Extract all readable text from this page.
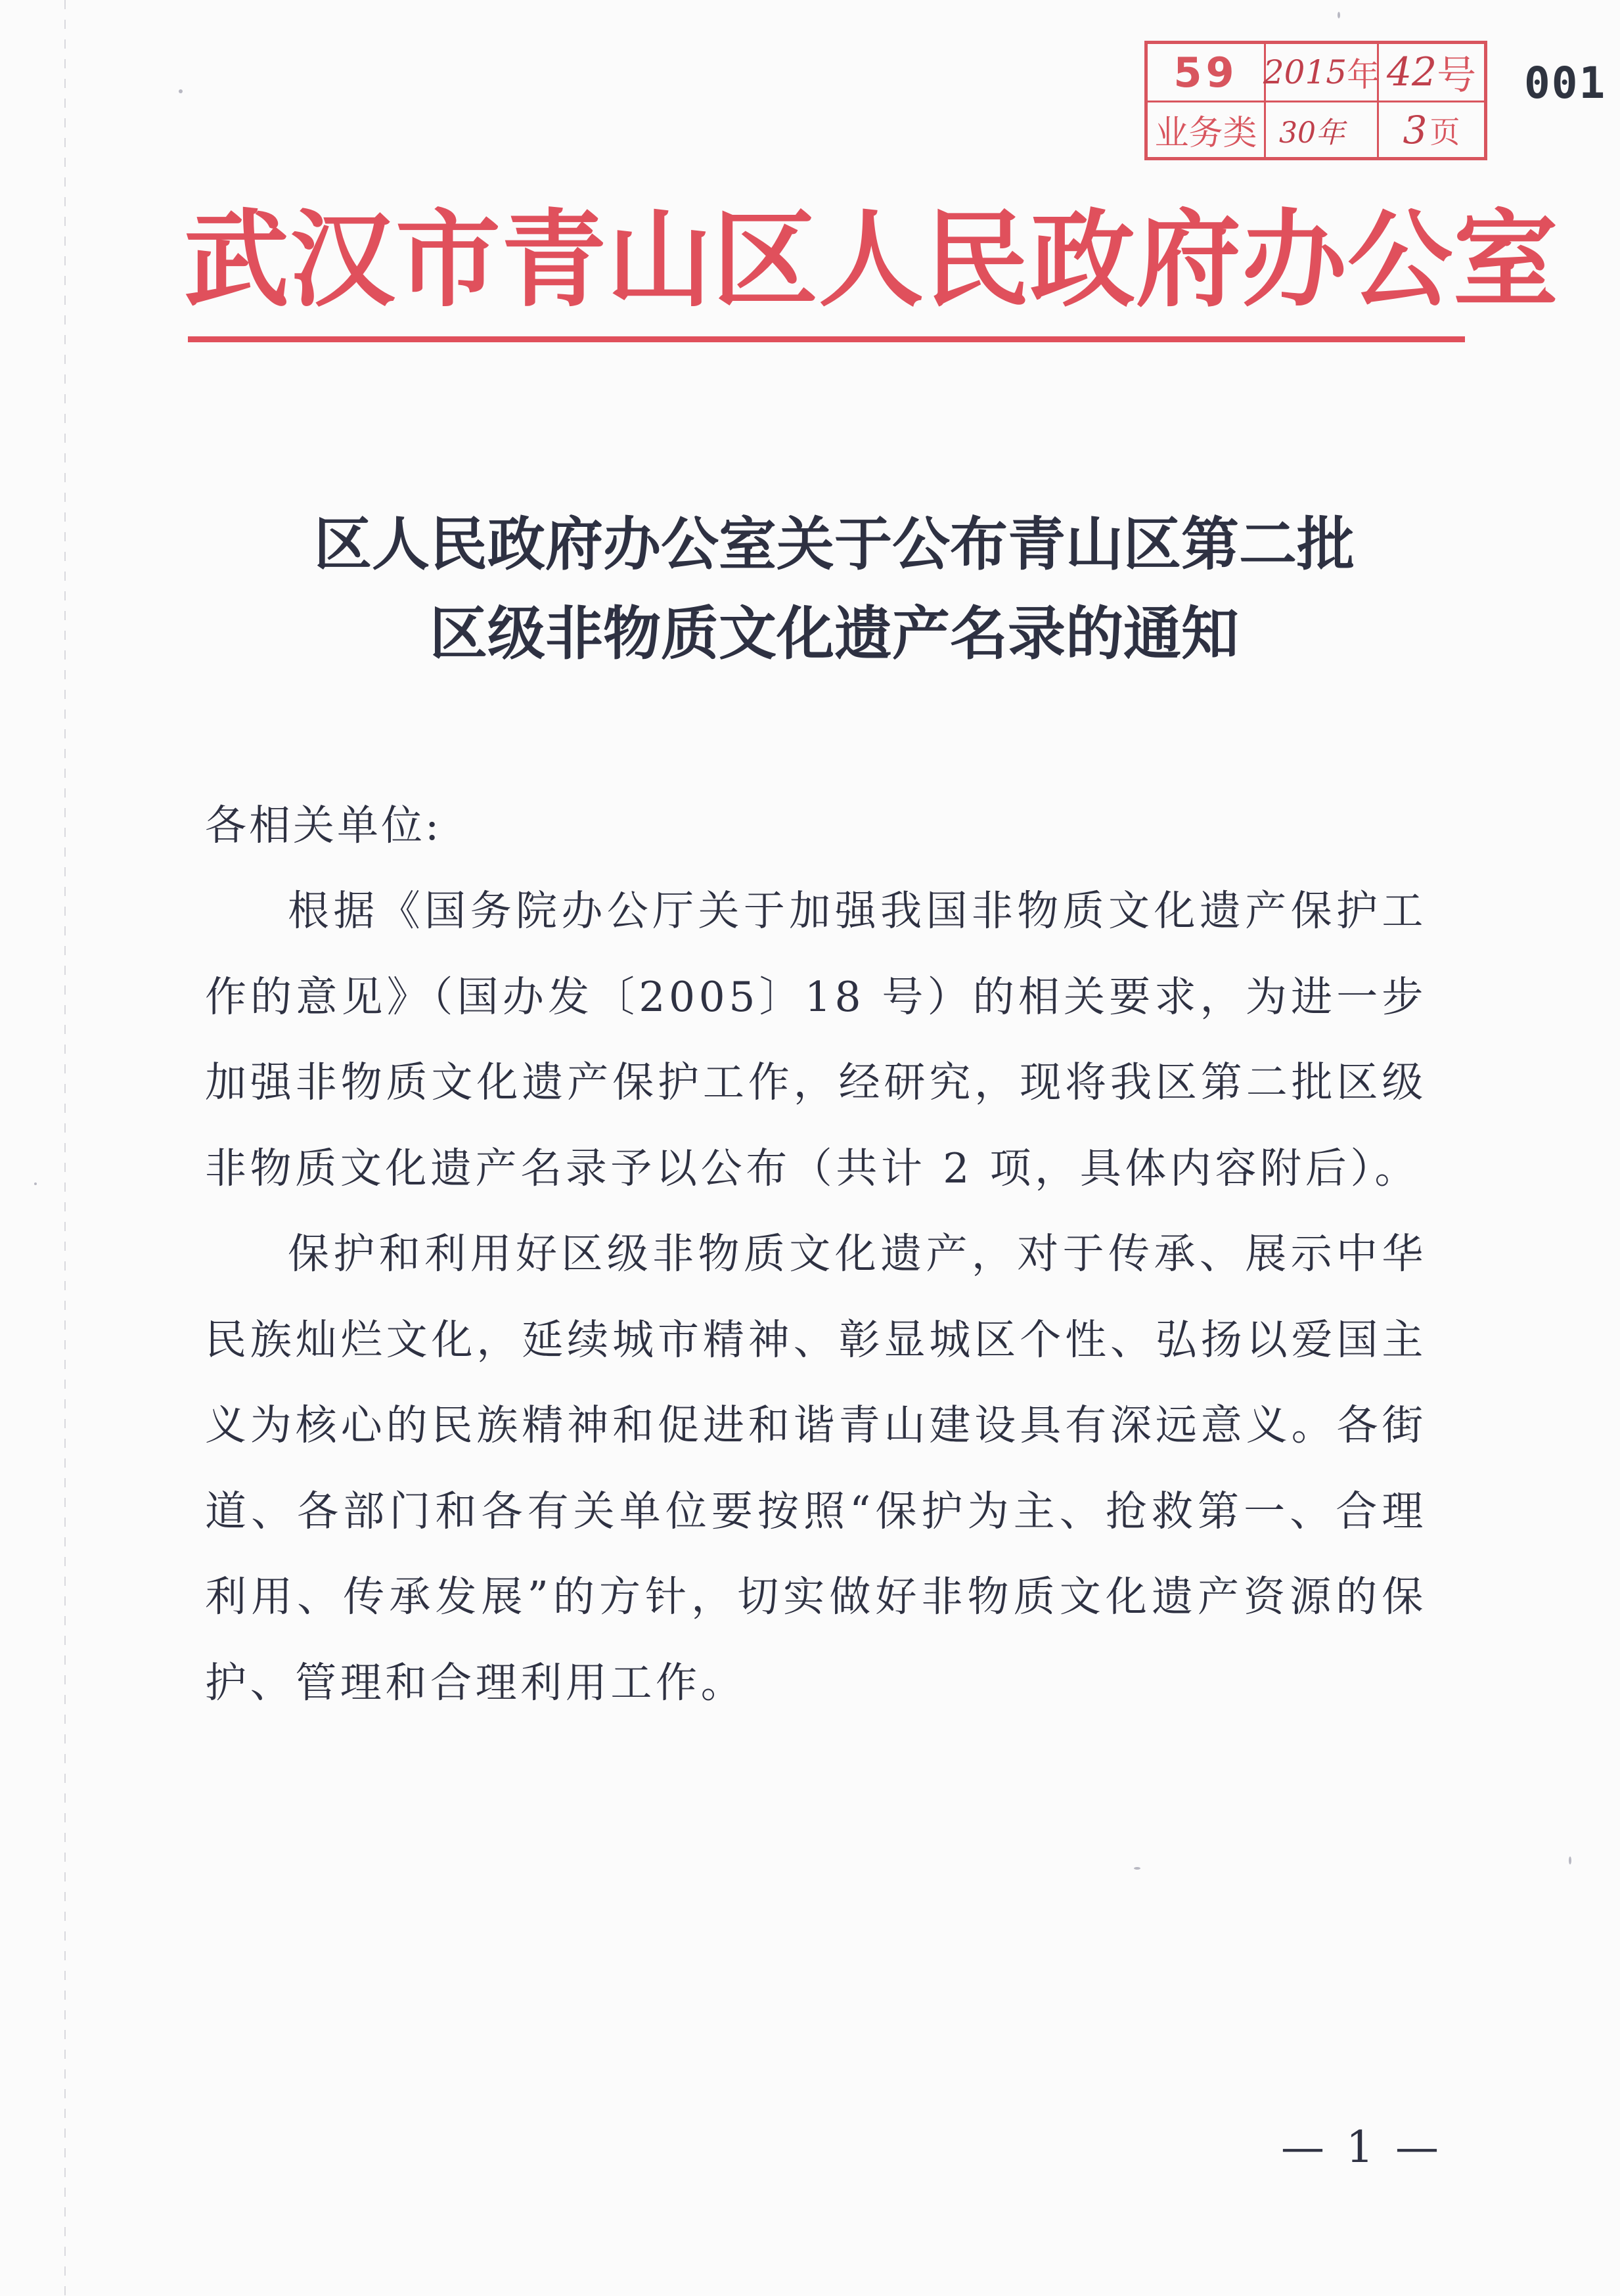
59 2015 年 42 号
业务类 30年	3 页
001
武汉市青山区人民政府办公室
区人民政府办公室关于公布青山区第二批
区级非物质文化遗产名录的通知
各相关单位:

根据《国务院办公厅关于加强我国非物质文化遗产保护工作的意见》（国办发〔2005〕18 号）的相关要求，为进一步加强非物质文化遗产保护工作，经研究，现将我区第二批区级非物质文化遗产名录予以公布（共计 2 项，具体内容附后）。

保护和利用好区级非物质文化遗产，对于传承、展示中华民族灿烂文化，延续城市精神、彰显城区个性、弘扬以爱国主义为核心的民族精神和促进和谐青山建设具有深远意义。各街道、各部门和各有关单位要按照“保护为主、抢救第一、合理利用、传承发展”的方针，切实做好非物质文化遗产资源的保护、管理和合理利用工作。

— 1 —
